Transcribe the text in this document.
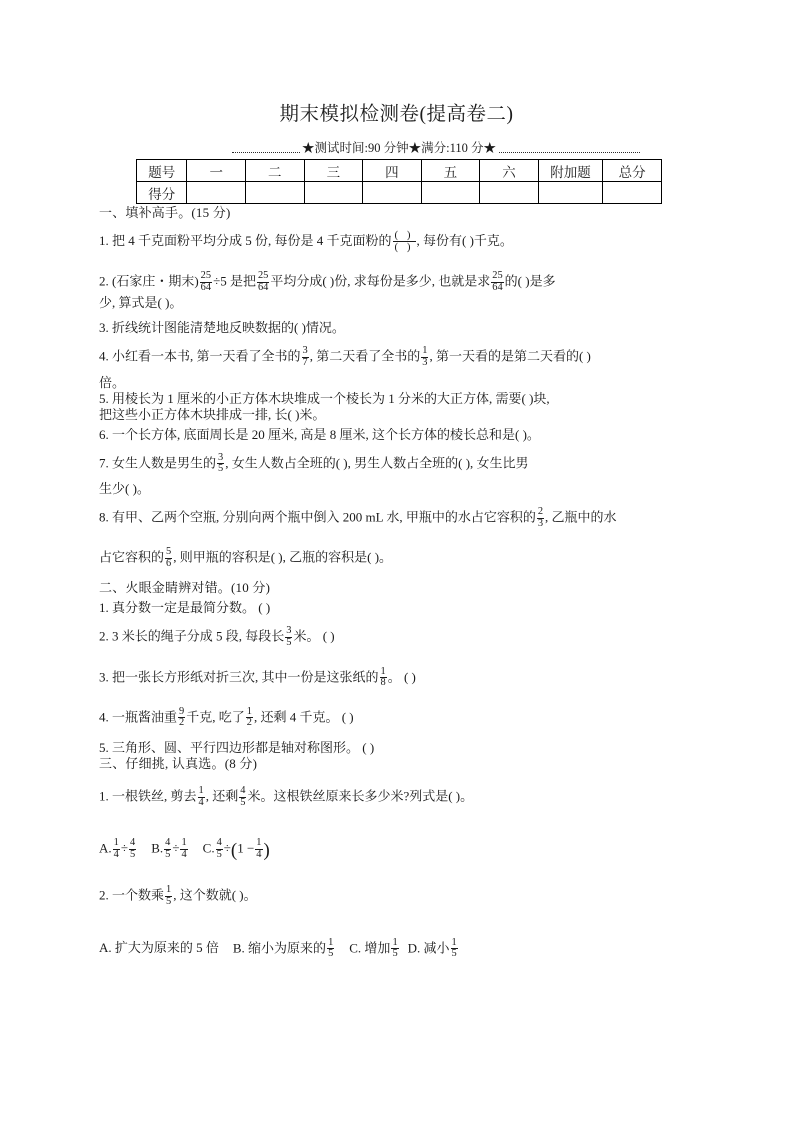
期末模拟检测卷(提高卷二)
★测试时间:90 分钟★满分:110 分★
题号	一	二	三	四	五	六	附加题	总分
得分								
一、填补高手。(15 分)
1. 把 4 千克面粉平均分成 5 份, 每份是 4 千克面粉的 $\frac{( )}{( )}$ , 每份有( )千克。
2. (石家庄・期末) $\frac{25}{64} \div 5$ 是把 $\frac{25}{64}$ 平均分成( )份, 求每份是多少, 也就是求 $\frac{25}{64}$ 的( )是多
少, 算式是( )。
3. 折线统计图能清楚地反映数据的( )情况。
4. 小红看一本书, 第一天看了全书的 $\frac{3}{7}$ , 第二天看了全书的 $\frac{1}{3}$ , 第一天看的是第二天看的( )
倍。
5. 用棱长为 1 厘米的小正方体木块堆成一个棱长为 1 分米的大正方体, 需要( )块,
把这些小正方体木块排成一排, 长( )米。
6. 一个长方体, 底面周长是 20 厘米, 高是 8 厘米, 这个长方体的棱长总和是( )。
7. 女生人数是男生的 $\frac{3}{5}$ , 女生人数占全班的( ), 男生人数占全班的( ), 女生比男
生少( )。
8. 有甲、乙两个空瓶, 分别向两个瓶中倒入 200 mL 水, 甲瓶中的水占它容积的 $\frac{2}{3}$ , 乙瓶中的水
占它容积的 $\frac{5}{6}$ , 则甲瓶的容积是( ), 乙瓶的容积是( )。
二、火眼金睛辨对错。(10 分)
1. 真分数一定是最简分数。 ( )
2. 3 米长的绳子分成 5 段, 每段长 $\frac{3}{5}$ 米。 ( )
3. 把一张长方形纸对折三次, 其中一份是这张纸的 $\frac{1}{8}$ 。 ( )
4. 一瓶酱油重 $\frac{9}{2}$ 千克, 吃了 $\frac{1}{2}$ , 还剩 4 千克。 ( )
5. 三角形、圆、平行四边形都是轴对称图形。 ( )
三、仔细挑, 认真选。(8 分)
1. 一根铁丝, 剪去 $\frac{1}{4}$ , 还剩 $\frac{4}{5}$ 米。这根铁丝原来长多少米?列式是( )。
A. $\frac{1}{4} \div \frac{4}{5} B$. $\frac{4}{5} \div \frac{1}{4} C$. $\frac{4}{5} \div(1 - \frac{1}{4}$ )
2. 一个数乘 $\frac{1}{5}$ , 这个数就( )。
A. 扩大为原来的 5 倍 B. 缩小为原来的 $\frac{1}{5} C$. 增加 $\frac{1}{5} D$. 减小 $\frac{1}{5}$
